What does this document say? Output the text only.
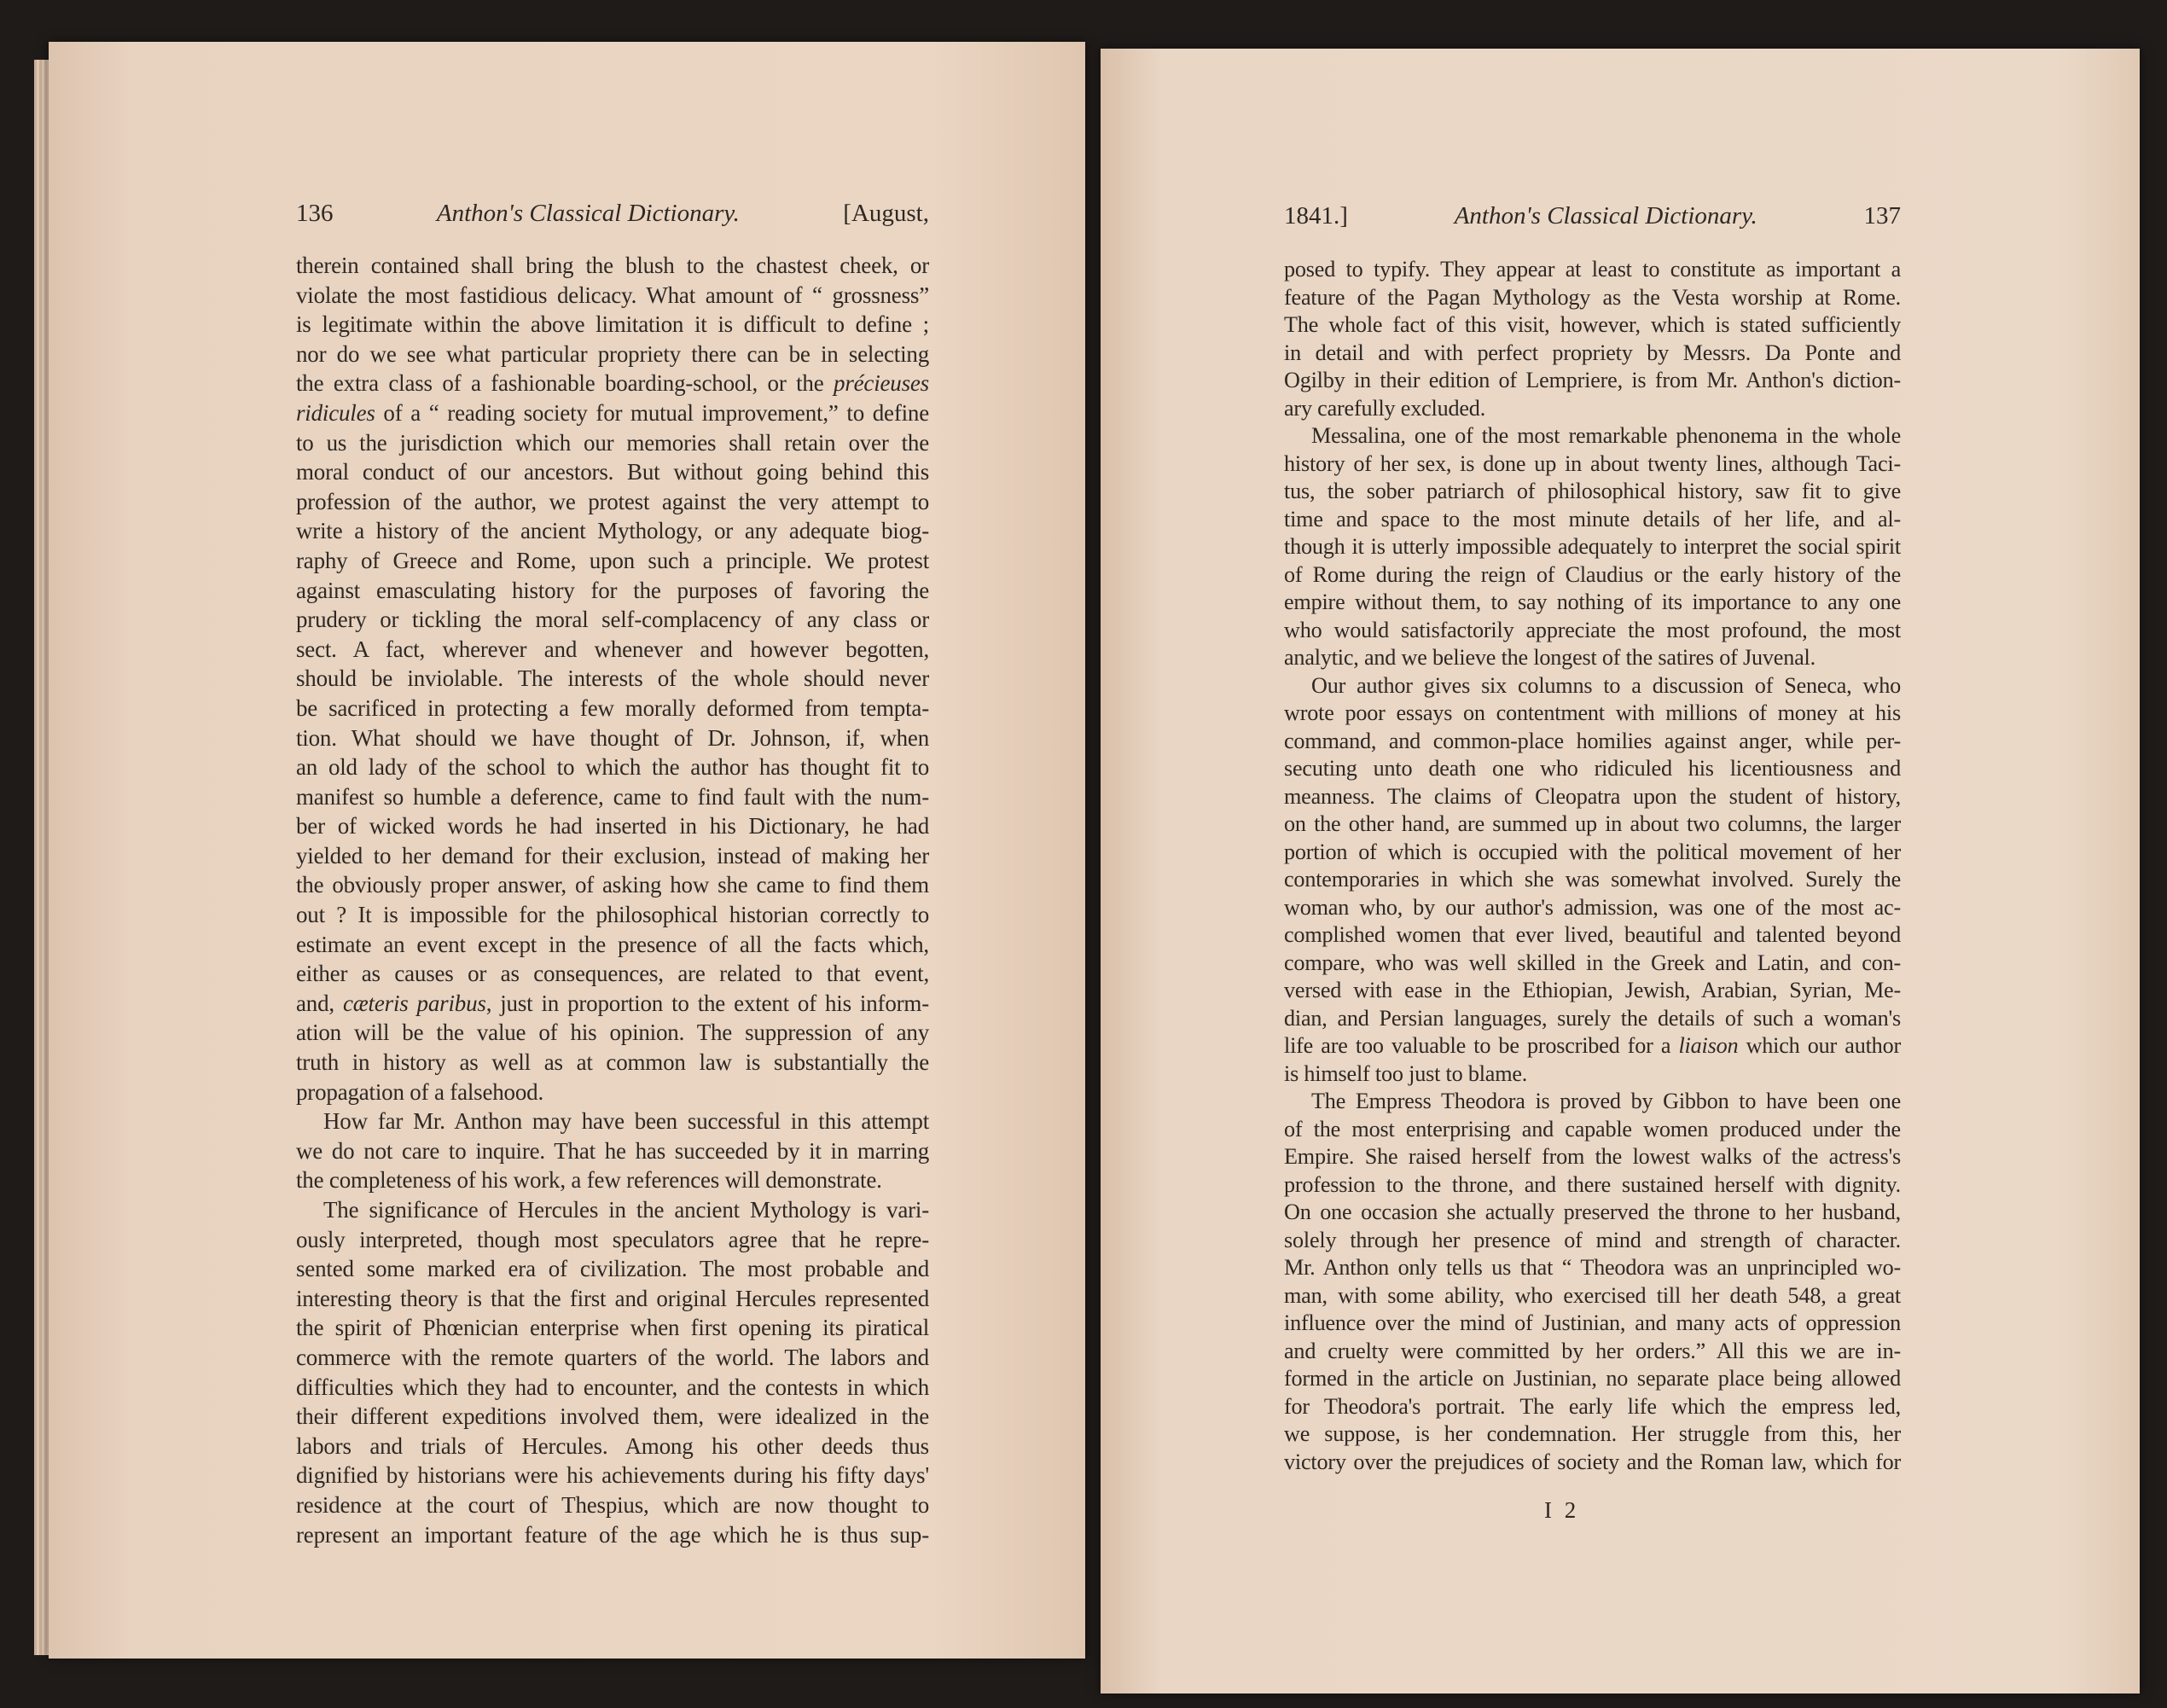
136	Anthon's Classical Dictionary.	[August,
therein contained shall bring the blush to the chastest cheek, or
violate the most fastidious delicacy. What amount of “ grossness”
is legitimate within the above limitation it is difficult to define ;
nor do we see what particular propriety there can be in selecting
the extra class of a fashionable boarding-school, or the précieuses
ridicules of a “ reading society for mutual improvement,” to define
to us the jurisdiction which our memories shall retain over the
moral conduct of our ancestors. But without going behind this
profession of the author, we protest against the very attempt to
write a history of the ancient Mythology, or any adequate biog-
raphy of Greece and Rome, upon such a principle. We protest
against emasculating history for the purposes of favoring the
prudery or tickling the moral self-complacency of any class or
sect. A fact, wherever and whenever and however begotten,
should be inviolable. The interests of the whole should never
be sacrificed in protecting a few morally deformed from tempta-
tion. What should we have thought of Dr. Johnson, if, when
an old lady of the school to which the author has thought fit to
manifest so humble a deference, came to find fault with the num-
ber of wicked words he had inserted in his Dictionary, he had
yielded to her demand for their exclusion, instead of making her
the obviously proper answer, of asking how she came to find them
out ? It is impossible for the philosophical historian correctly to
estimate an event except in the presence of all the facts which,
either as causes or as consequences, are related to that event,
and, cæteris paribus, just in proportion to the extent of his inform-
ation will be the value of his opinion. The suppression of any
truth in history as well as at common law is substantially the
propagation of a falsehood.
How far Mr. Anthon may have been successful in this attempt
we do not care to inquire. That he has succeeded by it in marring
the completeness of his work, a few references will demonstrate.
The significance of Hercules in the ancient Mythology is vari-
ously interpreted, though most speculators agree that he repre-
sented some marked era of civilization. The most probable and
interesting theory is that the first and original Hercules represented
the spirit of Phœnician enterprise when first opening its piratical
commerce with the remote quarters of the world. The labors and
difficulties which they had to encounter, and the contests in which
their different expeditions involved them, were idealized in the
labors and trials of Hercules. Among his other deeds thus
dignified by historians were his achievements during his fifty days'
residence at the court of Thespius, which are now thought to
represent an important feature of the age which he is thus sup-
1841.]	Anthon's Classical Dictionary.	137
posed to typify. They appear at least to constitute as important a
feature of the Pagan Mythology as the Vesta worship at Rome.
The whole fact of this visit, however, which is stated sufficiently
in detail and with perfect propriety by Messrs. Da Ponte and
Ogilby in their edition of Lempriere, is from Mr. Anthon's diction-
ary carefully excluded.
Messalina, one of the most remarkable phenonema in the whole
history of her sex, is done up in about twenty lines, although Taci-
tus, the sober patriarch of philosophical history, saw fit to give
time and space to the most minute details of her life, and al-
though it is utterly impossible adequately to interpret the social spirit
of Rome during the reign of Claudius or the early history of the
empire without them, to say nothing of its importance to any one
who would satisfactorily appreciate the most profound, the most
analytic, and we believe the longest of the satires of Juvenal.
Our author gives six columns to a discussion of Seneca, who
wrote poor essays on contentment with millions of money at his
command, and common-place homilies against anger, while per-
secuting unto death one who ridiculed his licentiousness and
meanness. The claims of Cleopatra upon the student of history,
on the other hand, are summed up in about two columns, the larger
portion of which is occupied with the political movement of her
contemporaries in which she was somewhat involved. Surely the
woman who, by our author's admission, was one of the most ac-
complished women that ever lived, beautiful and talented beyond
compare, who was well skilled in the Greek and Latin, and con-
versed with ease in the Ethiopian, Jewish, Arabian, Syrian, Me-
dian, and Persian languages, surely the details of such a woman's
life are too valuable to be proscribed for a liaison which our author
is himself too just to blame.
The Empress Theodora is proved by Gibbon to have been one
of the most enterprising and capable women produced under the
Empire. She raised herself from the lowest walks of the actress's
profession to the throne, and there sustained herself with dignity.
On one occasion she actually preserved the throne to her husband,
solely through her presence of mind and strength of character.
Mr. Anthon only tells us that “ Theodora was an unprincipled wo-
man, with some ability, who exercised till her death 548, a great
influence over the mind of Justinian, and many acts of oppression
and cruelty were committed by her orders.” All this we are in-
formed in the article on Justinian, no separate place being allowed
for Theodora's portrait. The early life which the empress led,
we suppose, is her condemnation. Her struggle from this, her
victory over the prejudices of society and the Roman law, which for
I 2
